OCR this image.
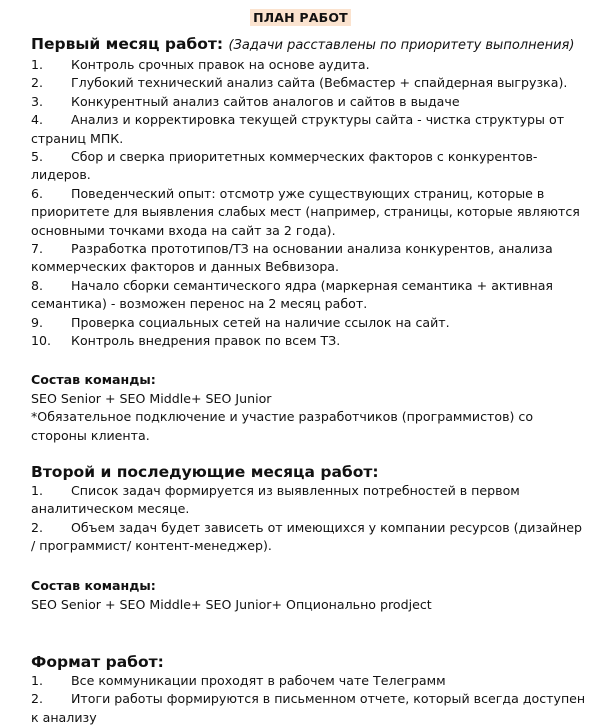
ПЛАН РАБОТ
Первый месяц работ: (Задачи расставлены по приоритету выполнения)
1. Контроль срочных правок на основе аудита.
2. Глубокий технический анализ сайта (Вебмастер + спайдерная выгрузка).
3. Конкурентный анализ сайтов аналогов и сайтов в выдаче
4. Анализ и корректировка текущей структуры сайта - чистка структуры от страниц МПК.
5. Сбор и сверка приоритетных коммерческих факторов с конкурентов-лидеров.
6. Поведенческий опыт: отсмотр уже существующих страниц, которые в приоритете для выявления слабых мест (например, страницы, которые являются основными точками входа на сайт за 2 года).
7. Разработка прототипов/ТЗ на основании анализа конкурентов, анализа коммерческих факторов и данных Вебвизора.
8. Начало сборки семантического ядра (маркерная семантика + активная семантика) - возможен перенос на 2 месяц работ.
9. Проверка социальных сетей на наличие ссылок на сайт.
10. Контроль внедрения правок по всем ТЗ.
Состав команды:
SEO Senior + SEO Middle+ SEO Junior
*Обязательное подключение и участие разработчиков (программистов) со стороны клиента.
Второй и последующие месяца работ:
1. Список задач формируется из выявленных потребностей в первом аналитическом месяце.
2. Объем задач будет зависеть от имеющихся у компании ресурсов (дизайнер / программист/ контент-менеджер).
Состав команды:
SEO Senior + SEO Middle+ SEO Junior+ Опционально prodject
Формат работ:
1. Все коммуникации проходят в рабочем чате Телеграмм
2. Итоги работы формируются в письменном отчете, который всегда доступен к анализу
